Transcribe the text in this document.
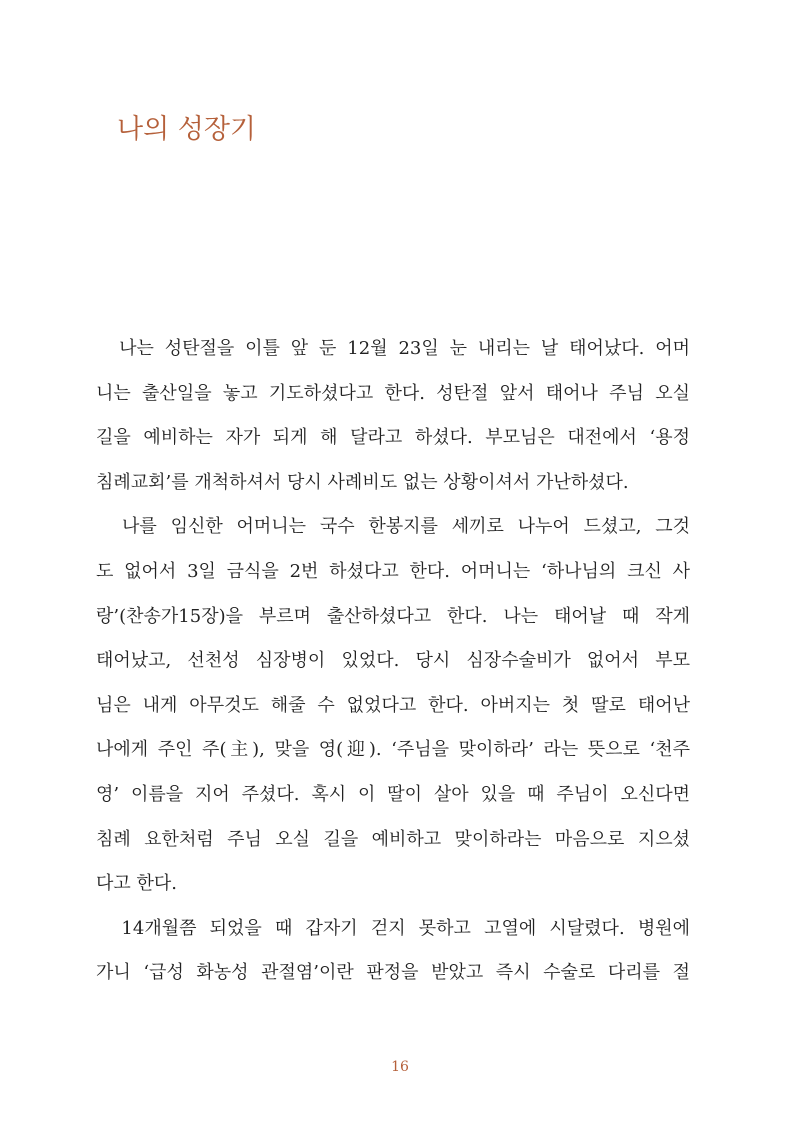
나의 성장기
　나는 성탄절을 이틀 앞 둔 12월 23일 눈 내리는 날 태어났다. 어머
니는 출산일을 놓고 기도하셨다고 한다. 성탄절 앞서 태어나 주님 오실
길을 예비하는 자가 되게 해 달라고 하셨다. 부모님은 대전에서 ‘용정
침례교회’를 개척하셔서 당시 사례비도 없는 상황이셔서 가난하셨다.
　나를 임신한 어머니는 국수 한봉지를 세끼로 나누어 드셨고, 그것
도 없어서 3일 금식을 2번 하셨다고 한다. 어머니는 ‘하나님의 크신 사
랑’(찬송가15장)을 부르며 출산하셨다고 한다. 나는 태어날 때 작게
태어났고, 선천성 심장병이 있었다. 당시 심장수술비가 없어서 부모
님은 내게 아무것도 해줄 수 없었다고 한다. 아버지는 첫 딸로 태어난
나에게 주인 주(主), 맞을 영(迎). ‘주님을 맞이하라’ 라는 뜻으로 ‘천주
영’ 이름을 지어 주셨다. 혹시 이 딸이 살아 있을 때 주님이 오신다면
침례 요한처럼 주님 오실 길을 예비하고 맞이하라는 마음으로 지으셨
다고 한다.
　14개월쯤 되었을 때 갑자기 걷지 못하고 고열에 시달렸다. 병원에
가니 ‘급성 화농성 관절염’이란 판정을 받았고 즉시 수술로 다리를 절
16
